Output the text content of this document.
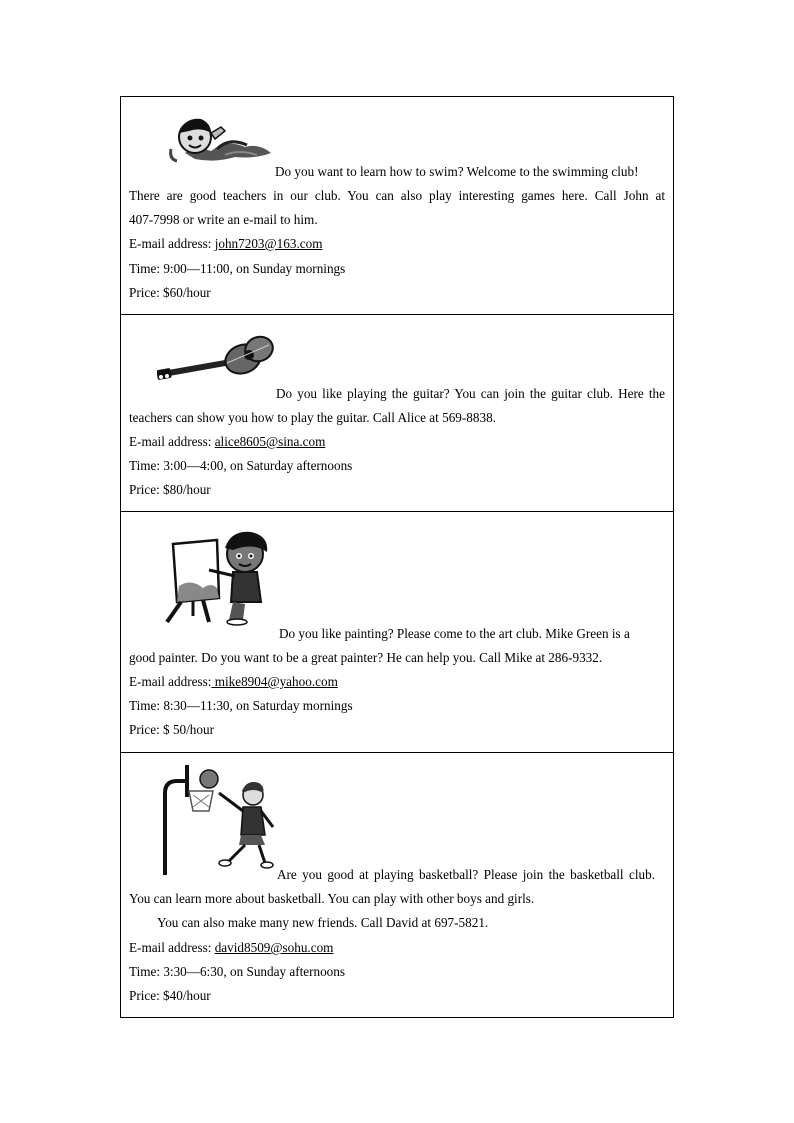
Do you want to learn how to swim? Welcome to the swimming club!
There are good teachers in our club. You can also play interesting games here. Call John at
407-7998 or write an e-mail to him.
E-mail address: john7203@163.com
Time: 9:00—11:00, on Sunday mornings
Price: $60/hour
Do you like playing the guitar? You can join the guitar club. Here the
teachers can show you how to play the guitar. Call Alice at 569-8838.
E-mail address: alice8605@sina.com
Time: 3:00—4:00, on Saturday afternoons
Price: $80/hour
Do you like painting? Please come to the art club. Mike Green is a
good painter. Do you want to be a great painter? He can help you. Call Mike at 286-9332.
E-mail address: mike8904@yahoo.com
Time: 8:30—11:30, on Saturday mornings
Price: $ 50/hour
Are you good at playing basketball? Please join the basketball club.
You can learn more about basketball. You can play with other boys and girls.
You can also make many new friends. Call David at 697-5821.
E-mail address: david8509@sohu.com
Time: 3:30—6:30, on Sunday afternoons
Price: $40/hour
